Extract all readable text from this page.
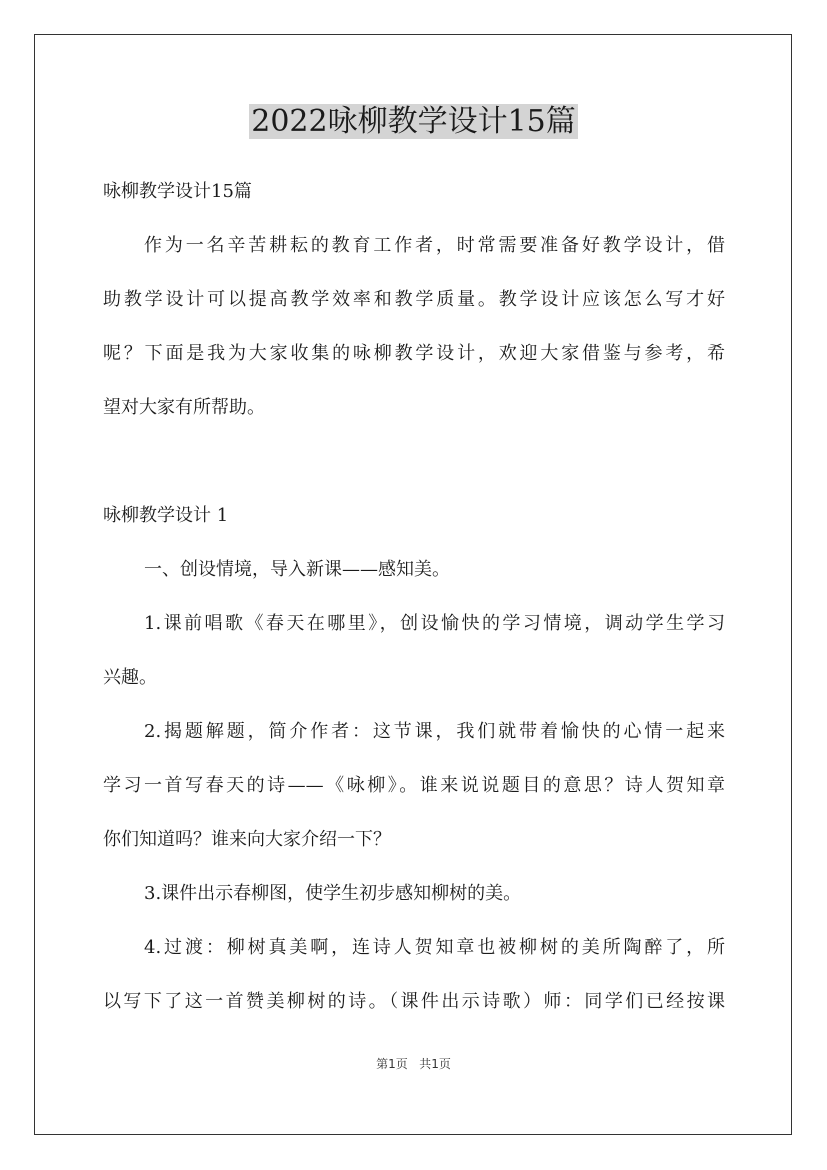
2022咏柳教学设计15篇

咏柳教学设计15篇

作为一名辛苦耕耘的教育工作者，时常需要准备好教学设计，借

助教学设计可以提高教学效率和教学质量。教学设计应该怎么写才好

呢？下面是我为大家收集的咏柳教学设计，欢迎大家借鉴与参考，希

望对大家有所帮助。

咏柳教学设计 1

一、创设情境，导入新课——感知美。

1.课前唱歌《春天在哪里》，创设愉快的学习情境，调动学生学习

兴趣。

2.揭题解题，简介作者：这节课，我们就带着愉快的心情一起来

学习一首写春天的诗——《咏柳》。谁来说说题目的意思？诗人贺知章

你们知道吗？谁来向大家介绍一下？

3.课件出示春柳图，使学生初步感知柳树的美。

4.过渡：柳树真美啊，连诗人贺知章也被柳树的美所陶醉了，所

以写下了这一首赞美柳树的诗。（课件出示诗歌）师：同学们已经按课

第1页   共1页
